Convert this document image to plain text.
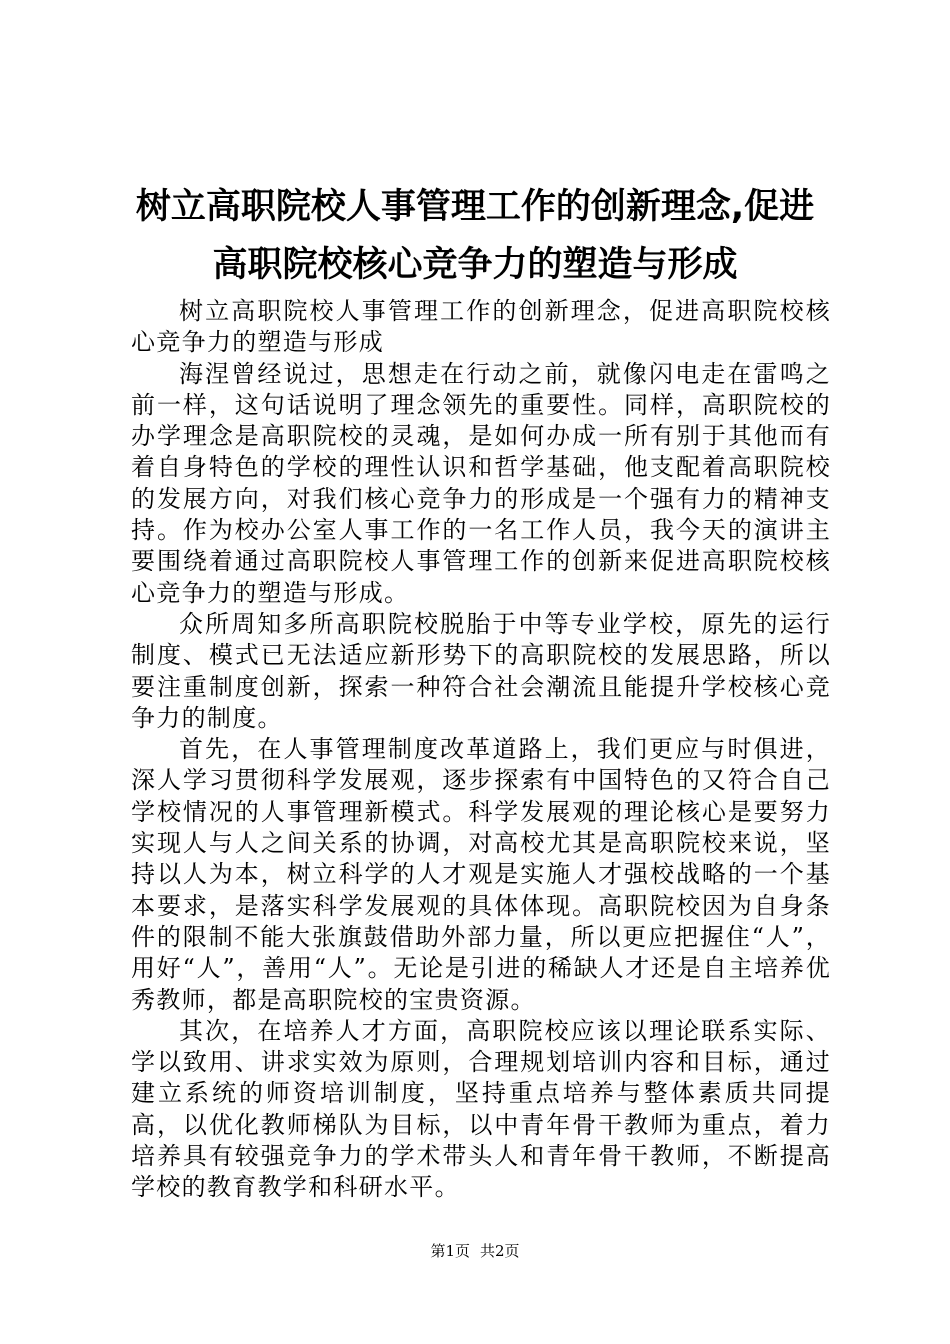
树立高职院校人事管理工作的创新理念,促进
高职院校核心竞争力的塑造与形成

树立高职院校人事管理工作的创新理念，促进高职院校核心竞争力的塑造与形成

海涅曾经说过，思想走在行动之前，就像闪电走在雷鸣之前一样，这句话说明了理念领先的重要性。同样，高职院校的办学理念是高职院校的灵魂，是如何办成一所有别于其他而有着自身特色的学校的理性认识和哲学基础，他支配着高职院校的发展方向，对我们核心竞争力的形成是一个强有力的精神支持。作为校办公室人事工作的一名工作人员，我今天的演讲主要围绕着通过高职院校人事管理工作的创新来促进高职院校核心竞争力的塑造与形成。

众所周知多所高职院校脱胎于中等专业学校，原先的运行制度、模式已无法适应新形势下的高职院校的发展思路，所以要注重制度创新，探索一种符合社会潮流且能提升学校核心竞争力的制度。

首先，在人事管理制度改革道路上，我们更应与时俱进，深人学习贯彻科学发展观，逐步探索有中国特色的又符合自己学校情况的人事管理新模式。科学发展观的理论核心是要努力实现人与人之间关系的协调，对高校尤其是高职院校来说，坚持以人为本，树立科学的人才观是实施人才强校战略的一个基本要求，是落实科学发展观的具体体现。高职院校因为自身条件的限制不能大张旗鼓借助外部力量，所以更应把握住“人”，用好“人”，善用“人”。无论是引进的稀缺人才还是自主培养优秀教师，都是高职院校的宝贵资源。

其次，在培养人才方面，高职院校应该以理论联系实际、学以致用、讲求实效为原则，合理规划培训内容和目标，通过建立系统的师资培训制度，坚持重点培养与整体素质共同提高，以优化教师梯队为目标，以中青年骨干教师为重点，着力培养具有较强竞争力的学术带头人和青年骨干教师，不断提高学校的教育教学和科研水平。

第1页 共2页
